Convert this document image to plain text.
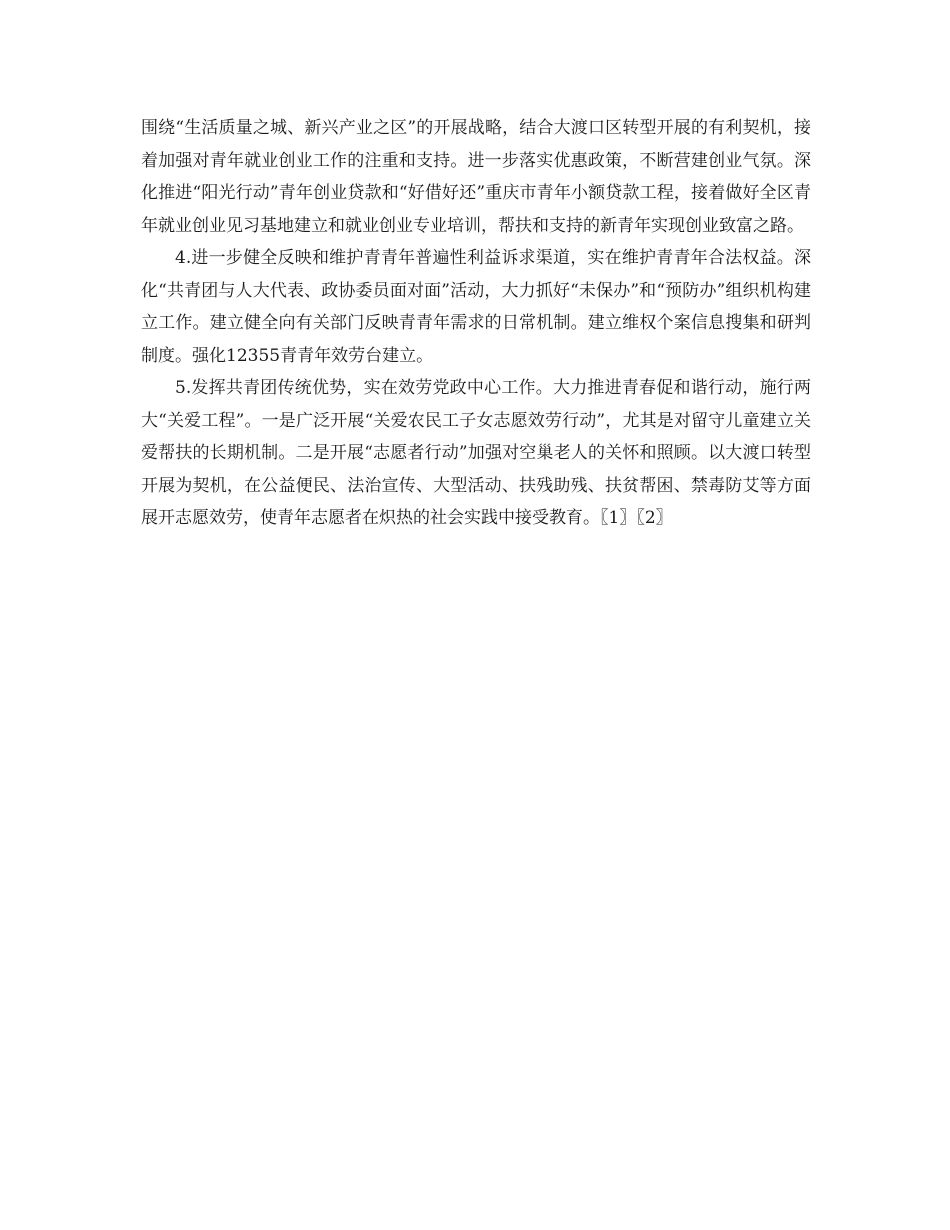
围绕“生活质量之城、新兴产业之区”的开展战略，结合大渡口区转型开展的有利契机，接着加强对青年就业创业工作的注重和支持。进一步落实优惠政策，不断营建创业气氛。深化推进“阳光行动”青年创业贷款和“好借好还”重庆市青年小额贷款工程，接着做好全区青年就业创业见习基地建立和就业创业专业培训，帮扶和支持的新青年实现创业致富之路。

4.进一步健全反映和维护青青年普遍性利益诉求渠道，实在维护青青年合法权益。深化“共青团与人大代表、政协委员面对面”活动，大力抓好“未保办”和“预防办”组织机构建立工作。建立健全向有关部门反映青青年需求的日常机制。建立维权个案信息搜集和研判制度。强化12355青青年效劳台建立。

5.发挥共青团传统优势，实在效劳党政中心工作。大力推进青春促和谐行动，施行两大“关爱工程”。一是广泛开展“关爱农民工子女志愿效劳行动”，尤其是对留守儿童建立关爱帮扶的长期机制。二是开展“志愿者行动”加强对空巢老人的关怀和照顾。以大渡口转型开展为契机，在公益便民、法治宣传、大型活动、扶残助残、扶贫帮困、禁毒防艾等方面展开志愿效劳，使青年志愿者在炽热的社会实践中接受教育。〖1〗〖2〗
